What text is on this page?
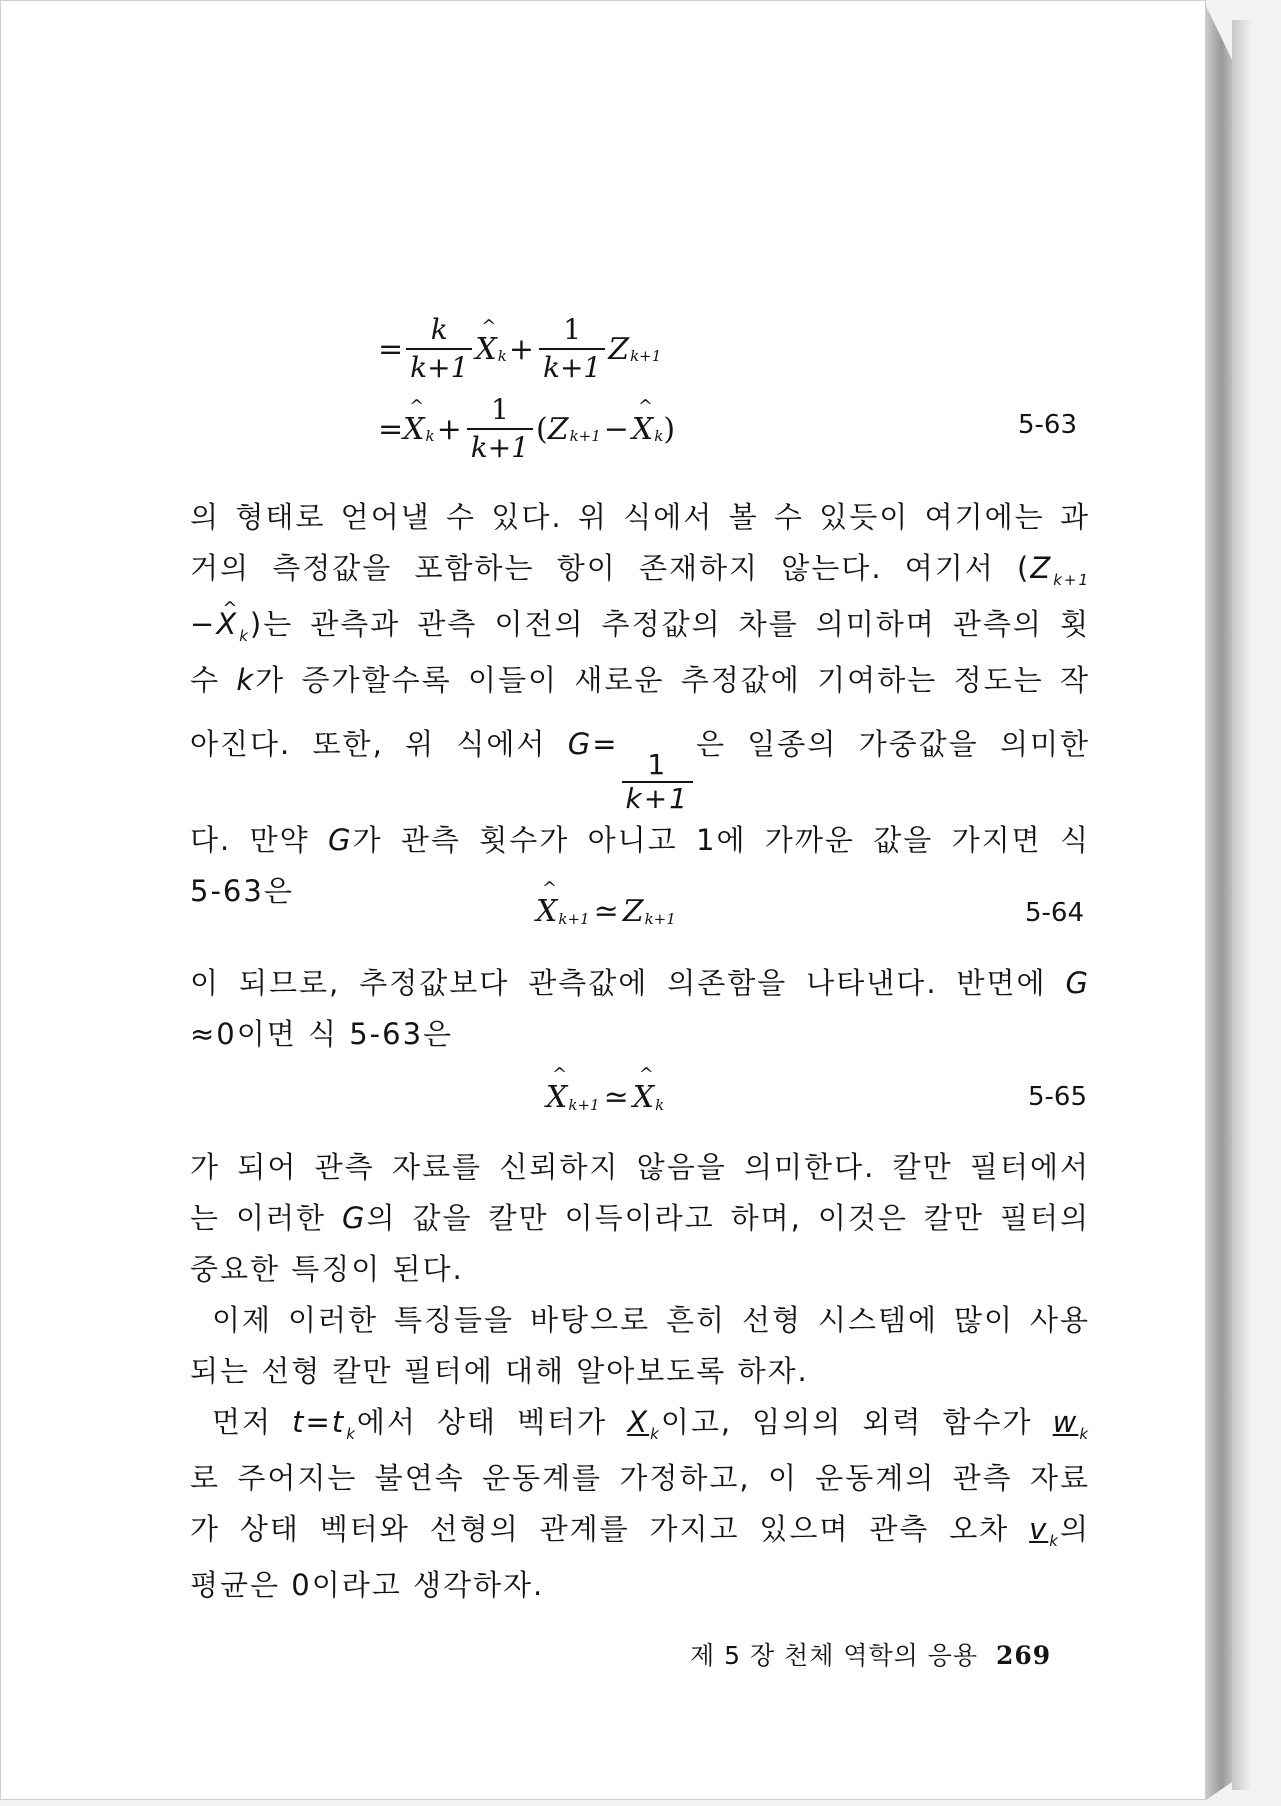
= $\frac{k}{k+1}$ ^ X $k + \frac{1}{k+1}$ Z k+1
= ^ X $k + \frac{1}{k+1}$ ( Z k+1 − ^ X k )	5-63
의 형태로 얻어낼 수 있다. 위 식에서 볼 수 있듯이 여기에는 과
거의 측정값을 포함하는 항이 존재하지 않는다. 여기서 ($Z_{k+1}$
−^ $X_k$)는 관측과 관측 이전의 추정값의 차를 의미하며 관측의 횟
수 k가 증가할수록 이들이 새로운 추정값에 기여하는 정도는 작
아진다. 또한, 위 식에서 G=
$\frac{1}{k+1}$
은 일종의 가중값을 의미한
다. 만약 G가 관측 횟수가 아니고 1에 가까운 값을 가지면 식
5-63은
^ X k+1 ≃ Z k+1	5-64
이 되므로, 추정값보다 관측값에 의존함을 나타낸다. 반면에 G
≈0이면 식 5-63은
^ X k+1 ≃ ^ X k	5-65
가 되어 관측 자료를 신뢰하지 않음을 의미한다. 칼만 필터에서
는 이러한 G의 값을 칼만 이득이라고 하며, 이것은 칼만 필터의
중요한 특징이 된다.
이제 이러한 특징들을 바탕으로 흔히 선형 시스템에 많이 사용
되는 선형 칼만 필터에 대해 알아보도록 하자.
먼저 $t=t_k$에서 상태 벡터가 $X_k$이고, 임의의 외력 함수가 $w_k$
로 주어지는 불연속 운동계를 가정하고, 이 운동계의 관측 자료
가 상태 벡터와 선형의 관계를 가지고 있으며 관측 오차 $v_k$의
평균은 0이라고 생각하자.
제 5 장 천체 역학의 응용 269
